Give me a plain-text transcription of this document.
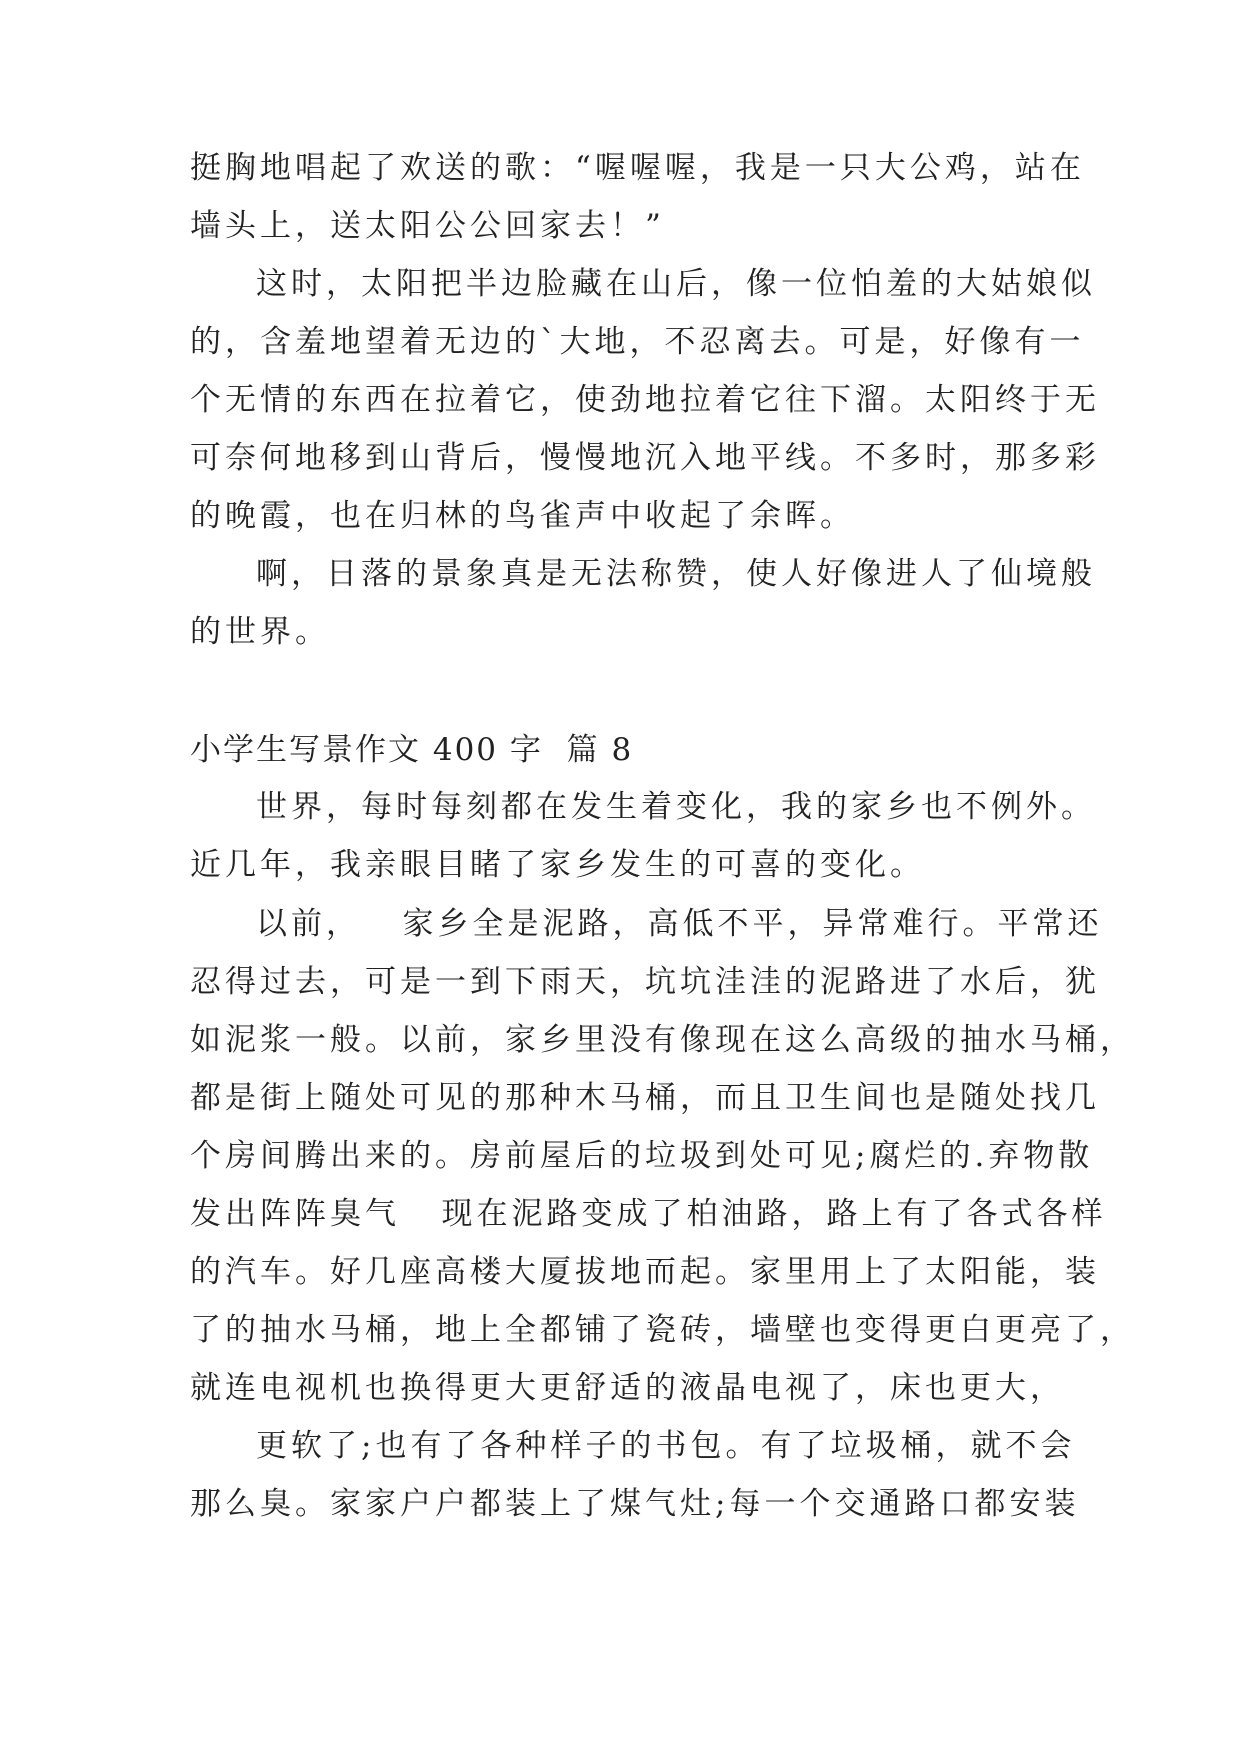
挺胸地唱起了欢送的歌：“喔喔喔，我是一只大公鸡，站在
墙头上，送太阳公公回家去！”
这时，太阳把半边脸藏在山后，像一位怕羞的大姑娘似
的，含羞地望着无边的`大地，不忍离去。可是，好像有一
个无情的东西在拉着它，使劲地拉着它往下溜。太阳终于无
可奈何地移到山背后，慢慢地沉入地平线。不多时，那多彩
的晚霞，也在归林的鸟雀声中收起了余晖。
啊，日落的景象真是无法称赞，使人好像进人了仙境般
的世界。
小学生写景作文 400 字  篇 8
世界，每时每刻都在发生着变化，我的家乡也不例外。
近几年，我亲眼目睹了家乡发生的可喜的变化。
以前，   家乡全是泥路，高低不平，异常难行。平常还
忍得过去，可是一到下雨天，坑坑洼洼的泥路进了水后，犹
如泥浆一般。以前，家乡里没有像现在这么高级的抽水马桶，
都是街上随处可见的那种木马桶，而且卫生间也是随处找几
个房间腾出来的。房前屋后的垃圾到处可见;腐烂的.弃物散
发出阵阵臭气   现在泥路变成了柏油路，路上有了各式各样
的汽车。好几座高楼大厦拔地而起。家里用上了太阳能，装
了的抽水马桶，地上全都铺了瓷砖，墙壁也变得更白更亮了，
就连电视机也换得更大更舒适的液晶电视了，床也更大，
更软了;也有了各种样子的书包。有了垃圾桶，就不会
那么臭。家家户户都装上了煤气灶;每一个交通路口都安装
